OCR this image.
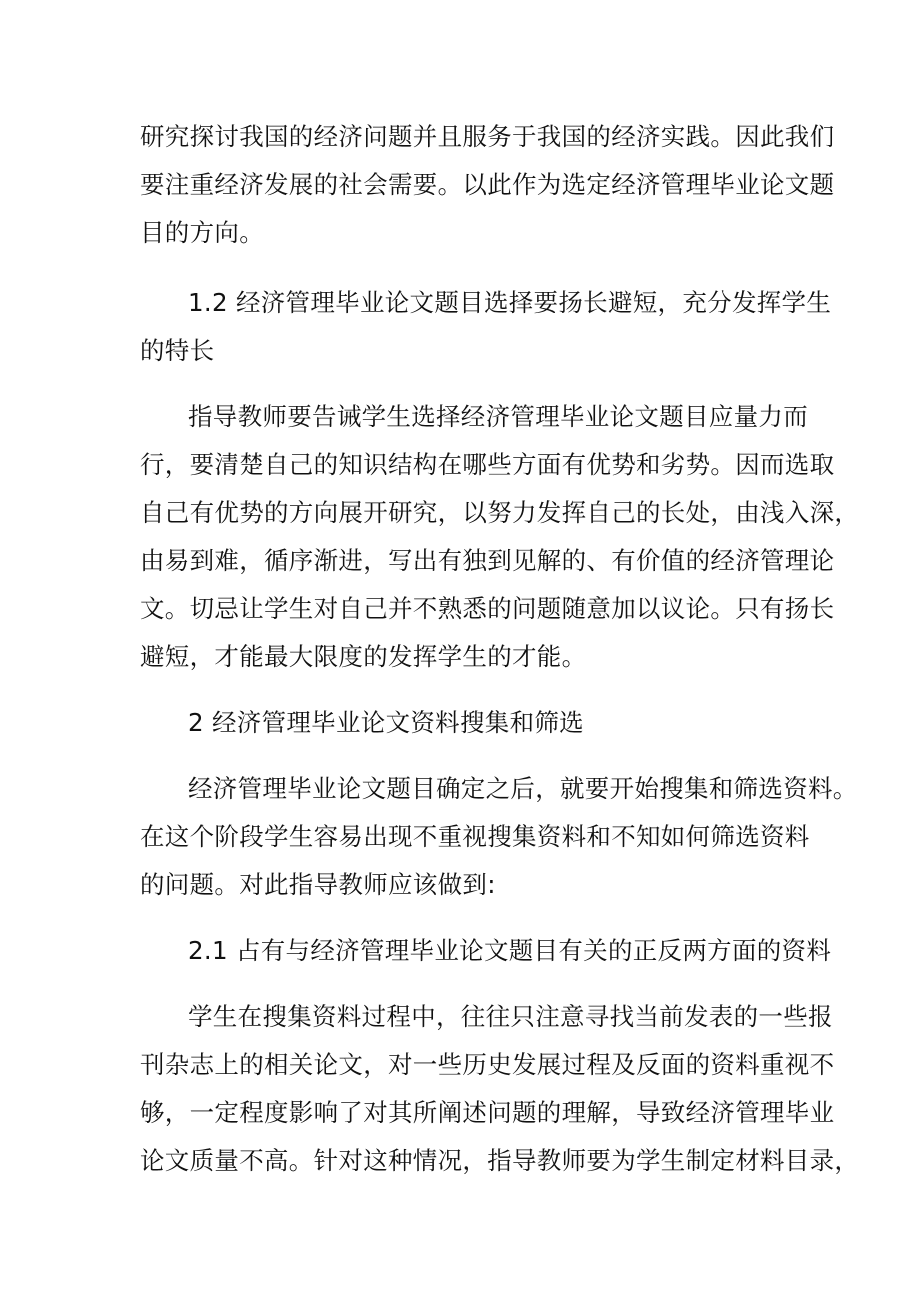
研究探讨我国的经济问题并且服务于我国的经济实践。因此我们
要注重经济发展的社会需要。以此作为选定经济管理毕业论文题
目的方向。
1.2 经济管理毕业论文题目选择要扬长避短，充分发挥学生
的特长
指导教师要告诫学生选择经济管理毕业论文题目应量力而
行，要清楚自己的知识结构在哪些方面有优势和劣势。因而选取
自己有优势的方向展开研究，以努力发挥自己的长处，由浅入深，
由易到难，循序渐进，写出有独到见解的、有价值的经济管理论
文。切忌让学生对自己并不熟悉的问题随意加以议论。只有扬长
避短，才能最大限度的发挥学生的才能。
2 经济管理毕业论文资料搜集和筛选
经济管理毕业论文题目确定之后，就要开始搜集和筛选资料。
在这个阶段学生容易出现不重视搜集资料和不知如何筛选资料
的问题。对此指导教师应该做到:
2.1 占有与经济管理毕业论文题目有关的正反两方面的资料
学生在搜集资料过程中，往往只注意寻找当前发表的一些报
刊杂志上的相关论文，对一些历史发展过程及反面的资料重视不
够，一定程度影响了对其所阐述问题的理解，导致经济管理毕业
论文质量不高。针对这种情况，指导教师要为学生制定材料目录，
